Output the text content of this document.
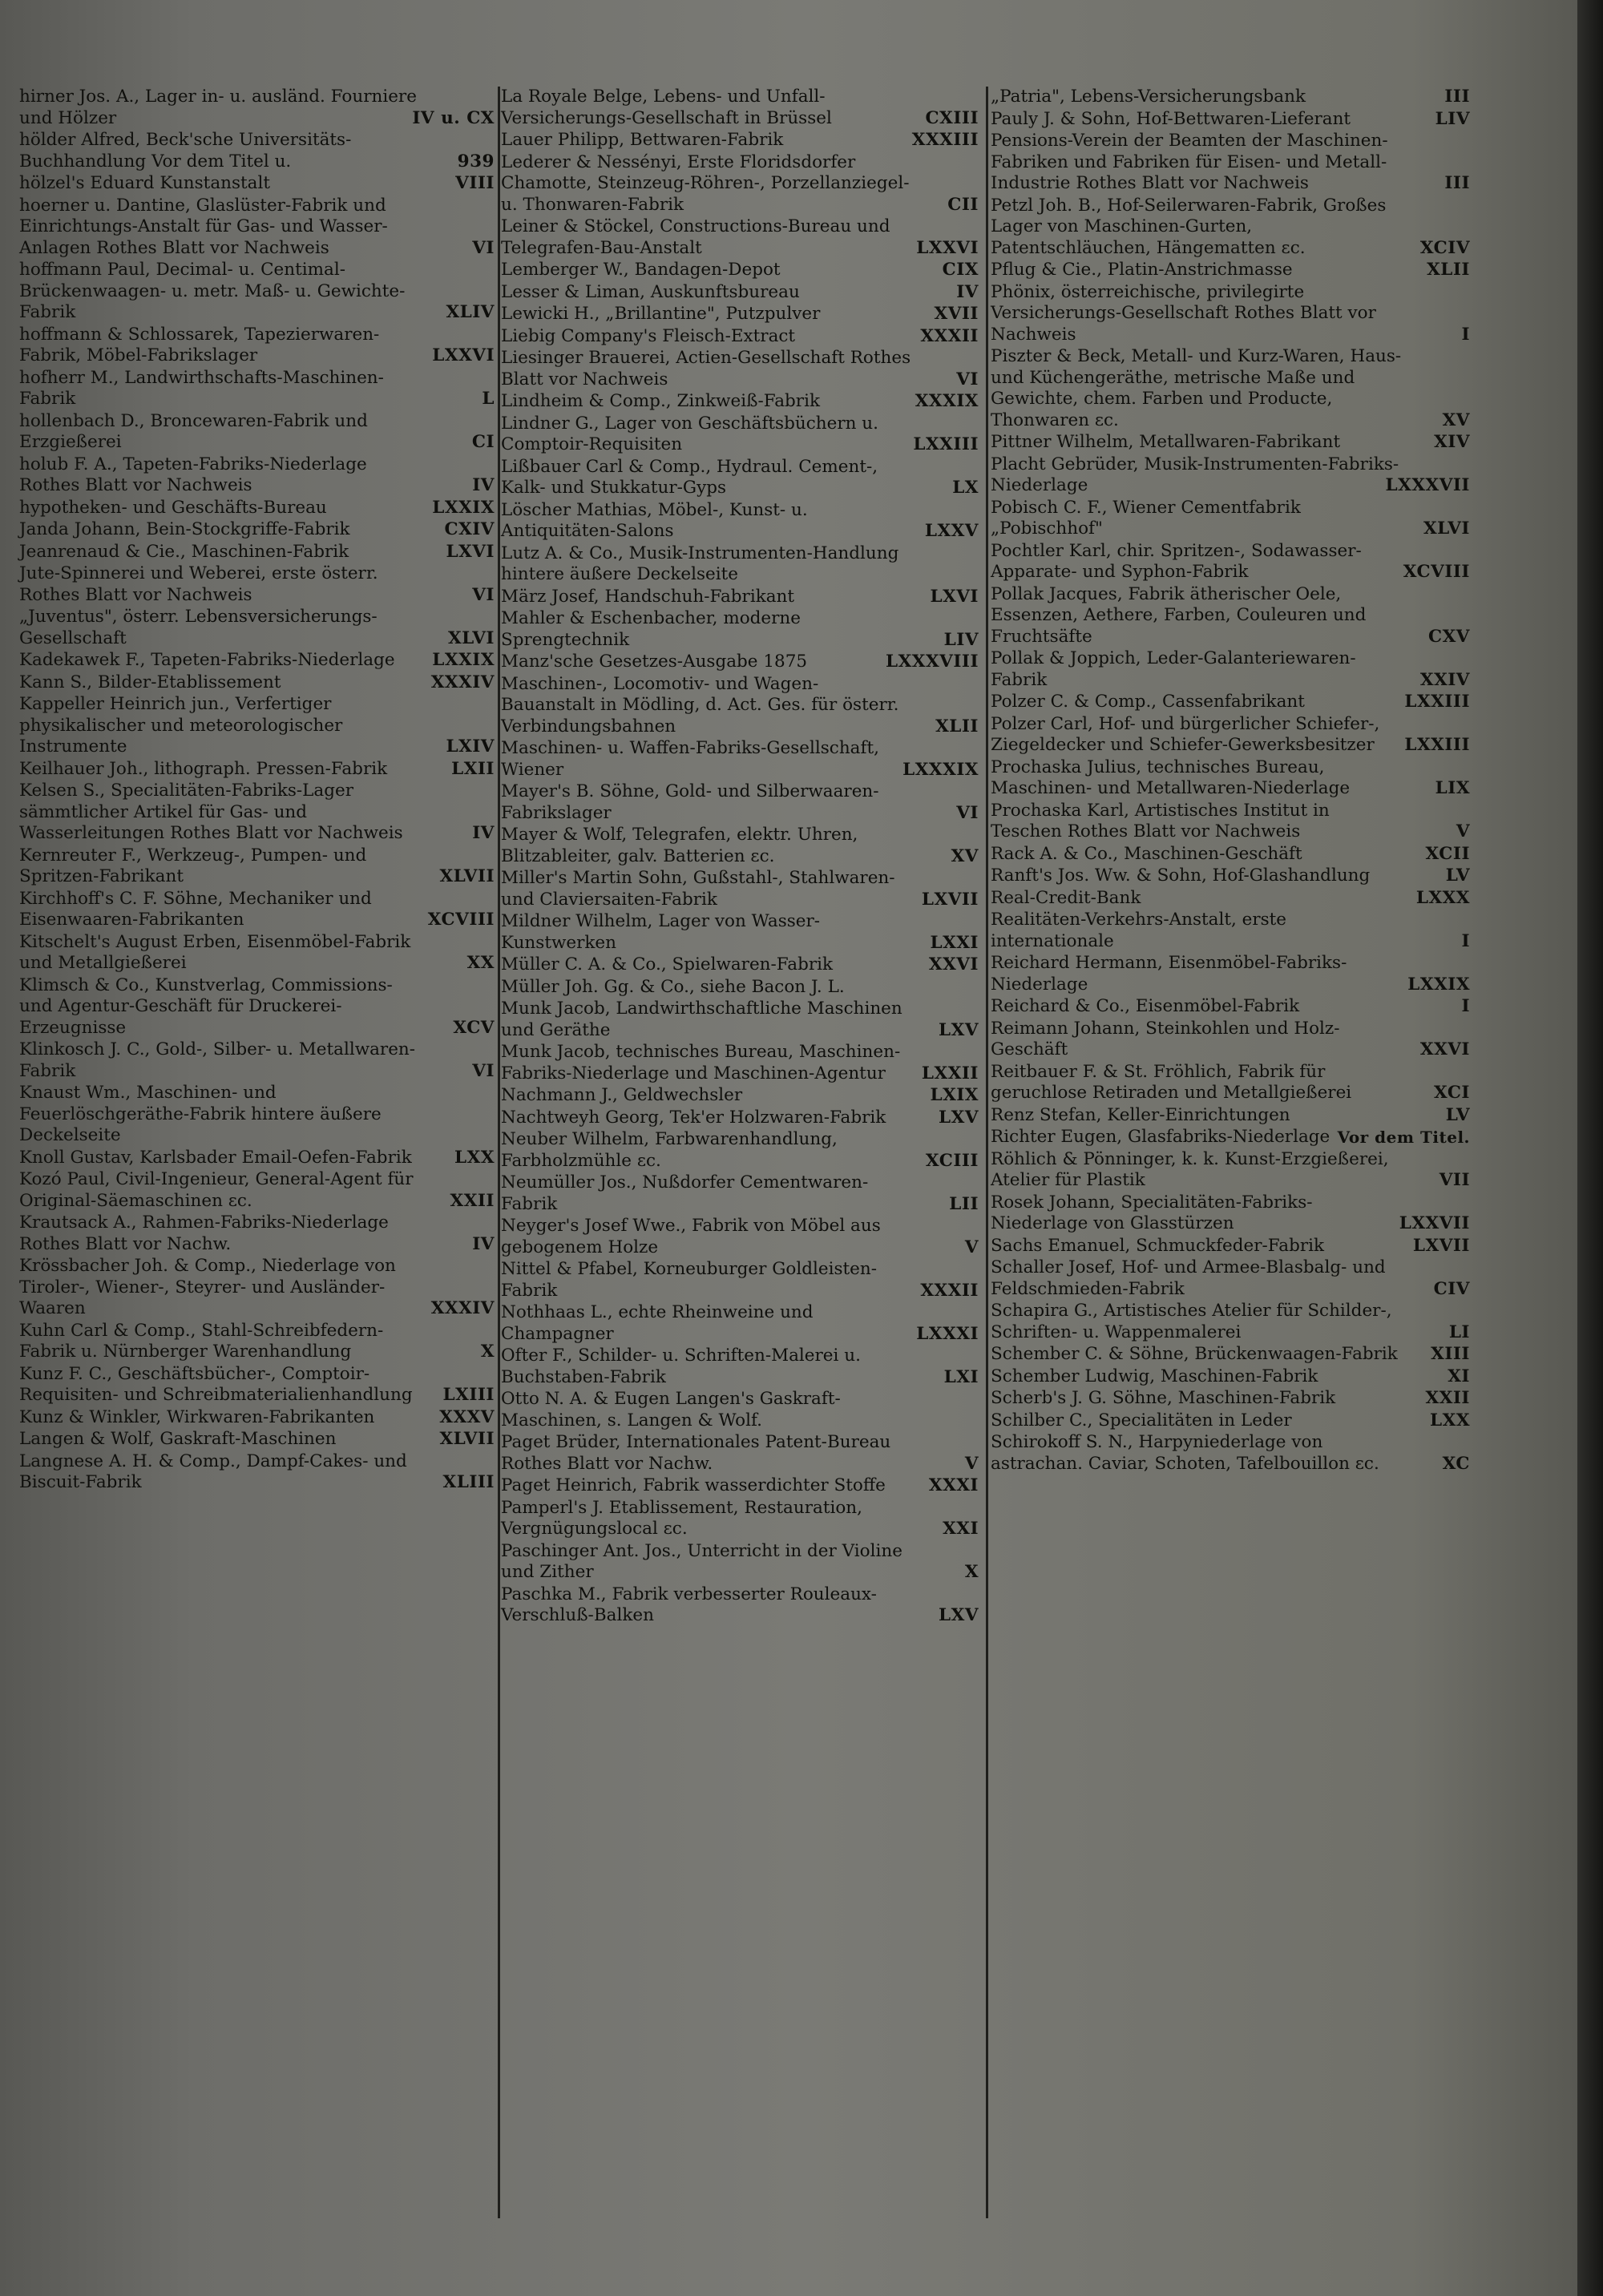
hirner Jos. A., Lager in- u. ausländ. Fourniere und Hölzer	IV u. CX
hölder Alfred, Beck'sche Universitäts-Buchhandlung Vor dem Titel u.	939
hölzel's Eduard Kunstanstalt	VIII
hoerner u. Dantine, Glaslüster-Fabrik und Einrichtungs-Anstalt für Gas- und Wasser-Anlagen Rothes Blatt vor Nachweis	VI
hoffmann Paul, Decimal- u. Centimal-Brückenwaagen- u. metr. Maß- u. Gewichte-Fabrik	XLIV
hoffmann & Schlossarek, Tapezierwaren-Fabrik, Möbel-Fabrikslager	LXXVI
hofherr M., Landwirthschafts-Maschinen-Fabrik	L
hollenbach D., Broncewaren-Fabrik und Erzgießerei	CI
holub F. A., Tapeten-Fabriks-Niederlage Rothes Blatt vor Nachweis	IV
hypotheken- und Geschäfts-Bureau	LXXIX
Janda Johann, Bein-Stockgriffe-Fabrik	CXIV
Jeanrenaud & Cie., Maschinen-Fabrik	LXVI
Jute-Spinnerei und Weberei, erste österr. Rothes Blatt vor Nachweis	VI
„Juventus", österr. Lebensversicherungs-Gesellschaft	XLVI
Kadekawek F., Tapeten-Fabriks-Niederlage	LXXIX
Kann S., Bilder-Etablissement	XXXIV
Kappeller Heinrich jun., Verfertiger physikalischer und meteorologischer Instrumente	LXIV
Keilhauer Joh., lithograph. Pressen-Fabrik	LXII
Kelsen S., Specialitäten-Fabriks-Lager sämmtlicher Artikel für Gas- und Wasserleitungen Rothes Blatt vor Nachweis	IV
Kernreuter F., Werkzeug-, Pumpen- und Spritzen-Fabrikant	XLVII
Kirchhoff's C. F. Söhne, Mechaniker und Eisenwaaren-Fabrikanten	XCVIII
Kitschelt's August Erben, Eisenmöbel-Fabrik und Metallgießerei	XX
Klimsch & Co., Kunstverlag, Commissions- und Agentur-Geschäft für Druckerei-Erzeugnisse	XCV
Klinkosch J. C., Gold-, Silber- u. Metallwaren-Fabrik	VI
Knaust Wm., Maschinen- und Feuerlöschgeräthe-Fabrik hintere äußere Deckelseite
Knoll Gustav, Karlsbader Email-Oefen-Fabrik	LXX
Kozó Paul, Civil-Ingenieur, General-Agent für Original-Säemaschinen ɛc.	XXII
Krautsack A., Rahmen-Fabriks-Niederlage Rothes Blatt vor Nachw.	IV
Krössbacher Joh. & Comp., Niederlage von Tiroler-, Wiener-, Steyrer- und Ausländer-Waaren	XXXIV
Kuhn Carl & Comp., Stahl-Schreibfedern-Fabrik u. Nürnberger Warenhandlung	X
Kunz F. C., Geschäftsbücher-, Comptoir-Requisiten- und Schreibmaterialienhandlung	LXIII
Kunz & Winkler, Wirkwaren-Fabrikanten	XXXV
Langen & Wolf, Gaskraft-Maschinen	XLVII
Langnese A. H. & Comp., Dampf-Cakes- und Biscuit-Fabrik	XLIII
La Royale Belge, Lebens- und Unfall-Versicherungs-Gesellschaft in Brüssel	CXIII
Lauer Philipp, Bettwaren-Fabrik	XXXIII
Lederer & Nessényi, Erste Floridsdorfer Chamotte, Steinzeug-Röhren-, Porzellanziegel- u. Thonwaren-Fabrik	CII
Leiner & Stöckel, Constructions-Bureau und Telegrafen-Bau-Anstalt	LXXVI
Lemberger W., Bandagen-Depot	CIX
Lesser & Liman, Auskunftsbureau	IV
Lewicki H., „Brillantine", Putzpulver	XVII
Liebig Company's Fleisch-Extract	XXXII
Liesinger Brauerei, Actien-Gesellschaft Rothes Blatt vor Nachweis	VI
Lindheim & Comp., Zinkweiß-Fabrik	XXXIX
Lindner G., Lager von Geschäftsbüchern u. Comptoir-Requisiten	LXXIII
Lißbauer Carl & Comp., Hydraul. Cement-, Kalk- und Stukkatur-Gyps	LX
Löscher Mathias, Möbel-, Kunst- u. Antiquitäten-Salons	LXXV
Lutz A. & Co., Musik-Instrumenten-Handlung hintere äußere Deckelseite
März Josef, Handschuh-Fabrikant	LXVI
Mahler & Eschenbacher, moderne Sprengtechnik	LIV
Manz'sche Gesetzes-Ausgabe 1875	LXXXVIII
Maschinen-, Locomotiv- und Wagen-Bauanstalt in Mödling, d. Act. Ges. für österr. Verbindungsbahnen	XLII
Maschinen- u. Waffen-Fabriks-Gesellschaft, Wiener	LXXXIX
Mayer's B. Söhne, Gold- und Silberwaaren-Fabrikslager	VI
Mayer & Wolf, Telegrafen, elektr. Uhren, Blitzableiter, galv. Batterien ɛc.	XV
Miller's Martin Sohn, Gußstahl-, Stahlwaren- und Claviersaiten-Fabrik	LXVII
Mildner Wilhelm, Lager von Wasser-Kunstwerken	LXXI
Müller C. A. & Co., Spielwaren-Fabrik	XXVI
Müller Joh. Gg. & Co., siehe Bacon J. L.
Munk Jacob, Landwirthschaftliche Maschinen und Geräthe	LXV
Munk Jacob, technisches Bureau, Maschinen-Fabriks-Niederlage und Maschinen-Agentur	LXXII
Nachmann J., Geldwechsler	LXIX
Nachtweyh Georg, Tek'er Holzwaren-Fabrik	LXV
Neuber Wilhelm, Farbwarenhandlung, Farbholzmühle ɛc.	XCIII
Neumüller Jos., Nußdorfer Cementwaren-Fabrik	LII
Neyger's Josef Wwe., Fabrik von Möbel aus gebogenem Holze	V
Nittel & Pfabel, Korneuburger Goldleisten-Fabrik	XXXII
Nothhaas L., echte Rheinweine und Champagner	LXXXI
Ofter F., Schilder- u. Schriften-Malerei u. Buchstaben-Fabrik	LXI
Otto N. A. & Eugen Langen's Gaskraft-Maschinen, s. Langen & Wolf.
Paget Brüder, Internationales Patent-Bureau Rothes Blatt vor Nachw.	V
Paget Heinrich, Fabrik wasserdichter Stoffe	XXXI
Pamperl's J. Etablissement, Restauration, Vergnügungslocal ɛc.	XXI
Paschinger Ant. Jos., Unterricht in der Violine und Zither	X
Paschka M., Fabrik verbesserter Rouleaux-Verschluß-Balken	LXV
„Patria", Lebens-Versicherungsbank	III
Pauly J. & Sohn, Hof-Bettwaren-Lieferant	LIV
Pensions-Verein der Beamten der Maschinen-Fabriken und Fabriken für Eisen- und Metall-Industrie Rothes Blatt vor Nachweis	III
Petzl Joh. B., Hof-Seilerwaren-Fabrik, Großes Lager von Maschinen-Gurten, Patentschläuchen, Hängematten ɛc.	XCIV
Pflug & Cie., Platin-Anstrichmasse	XLII
Phönix, österreichische, privilegirte Versicherungs-Gesellschaft Rothes Blatt vor Nachweis	I
Piszter & Beck, Metall- und Kurz-Waren, Haus- und Küchengeräthe, metrische Maße und Gewichte, chem. Farben und Producte, Thonwaren ɛc.	XV
Pittner Wilhelm, Metallwaren-Fabrikant	XIV
Placht Gebrüder, Musik-Instrumenten-Fabriks-Niederlage	LXXXVII
Pobisch C. F., Wiener Cementfabrik „Pobischhof"	XLVI
Pochtler Karl, chir. Spritzen-, Sodawasser-Apparate- und Syphon-Fabrik	XCVIII
Pollak Jacques, Fabrik ätherischer Oele, Essenzen, Aethere, Farben, Couleuren und Fruchtsäfte	CXV
Pollak & Joppich, Leder-Galanteriewaren-Fabrik	XXIV
Polzer C. & Comp., Cassenfabrikant	LXXIII
Polzer Carl, Hof- und bürgerlicher Schiefer-, Ziegeldecker und Schiefer-Gewerksbesitzer	LXXIII
Prochaska Julius, technisches Bureau, Maschinen- und Metallwaren-Niederlage	LIX
Prochaska Karl, Artistisches Institut in Teschen Rothes Blatt vor Nachweis	V
Rack A. & Co., Maschinen-Geschäft	XCII
Ranft's Jos. Ww. & Sohn, Hof-Glashandlung	LV
Real-Credit-Bank	LXXX
Realitäten-Verkehrs-Anstalt, erste internationale	I
Reichard Hermann, Eisenmöbel-Fabriks-Niederlage	LXXIX
Reichard & Co., Eisenmöbel-Fabrik	I
Reimann Johann, Steinkohlen und Holz-Geschäft	XXVI
Reitbauer F. & St. Fröhlich, Fabrik für geruchlose Retiraden und Metallgießerei	XCI
Renz Stefan, Keller-Einrichtungen	LV
Richter Eugen, Glasfabriks-Niederlage Vor dem Titel.
Röhlich & Pönninger, k. k. Kunst-Erzgießerei, Atelier für Plastik	VII
Rosek Johann, Specialitäten-Fabriks-Niederlage von Glasstürzen	LXXVII
Sachs Emanuel, Schmuckfeder-Fabrik	LXVII
Schaller Josef, Hof- und Armee-Blasbalg- und Feldschmieden-Fabrik	CIV
Schapira G., Artistisches Atelier für Schilder-, Schriften- u. Wappenmalerei	LI
Schember C. & Söhne, Brückenwaagen-Fabrik XIII
Schember Ludwig, Maschinen-Fabrik	XI
Scherb's J. G. Söhne, Maschinen-Fabrik	XXII
Schilber C., Specialitäten in Leder	LXX
Schirokoff S. N., Harpyniederlage von astrachan. Caviar, Schoten, Tafelbouillon ɛc.	XC
